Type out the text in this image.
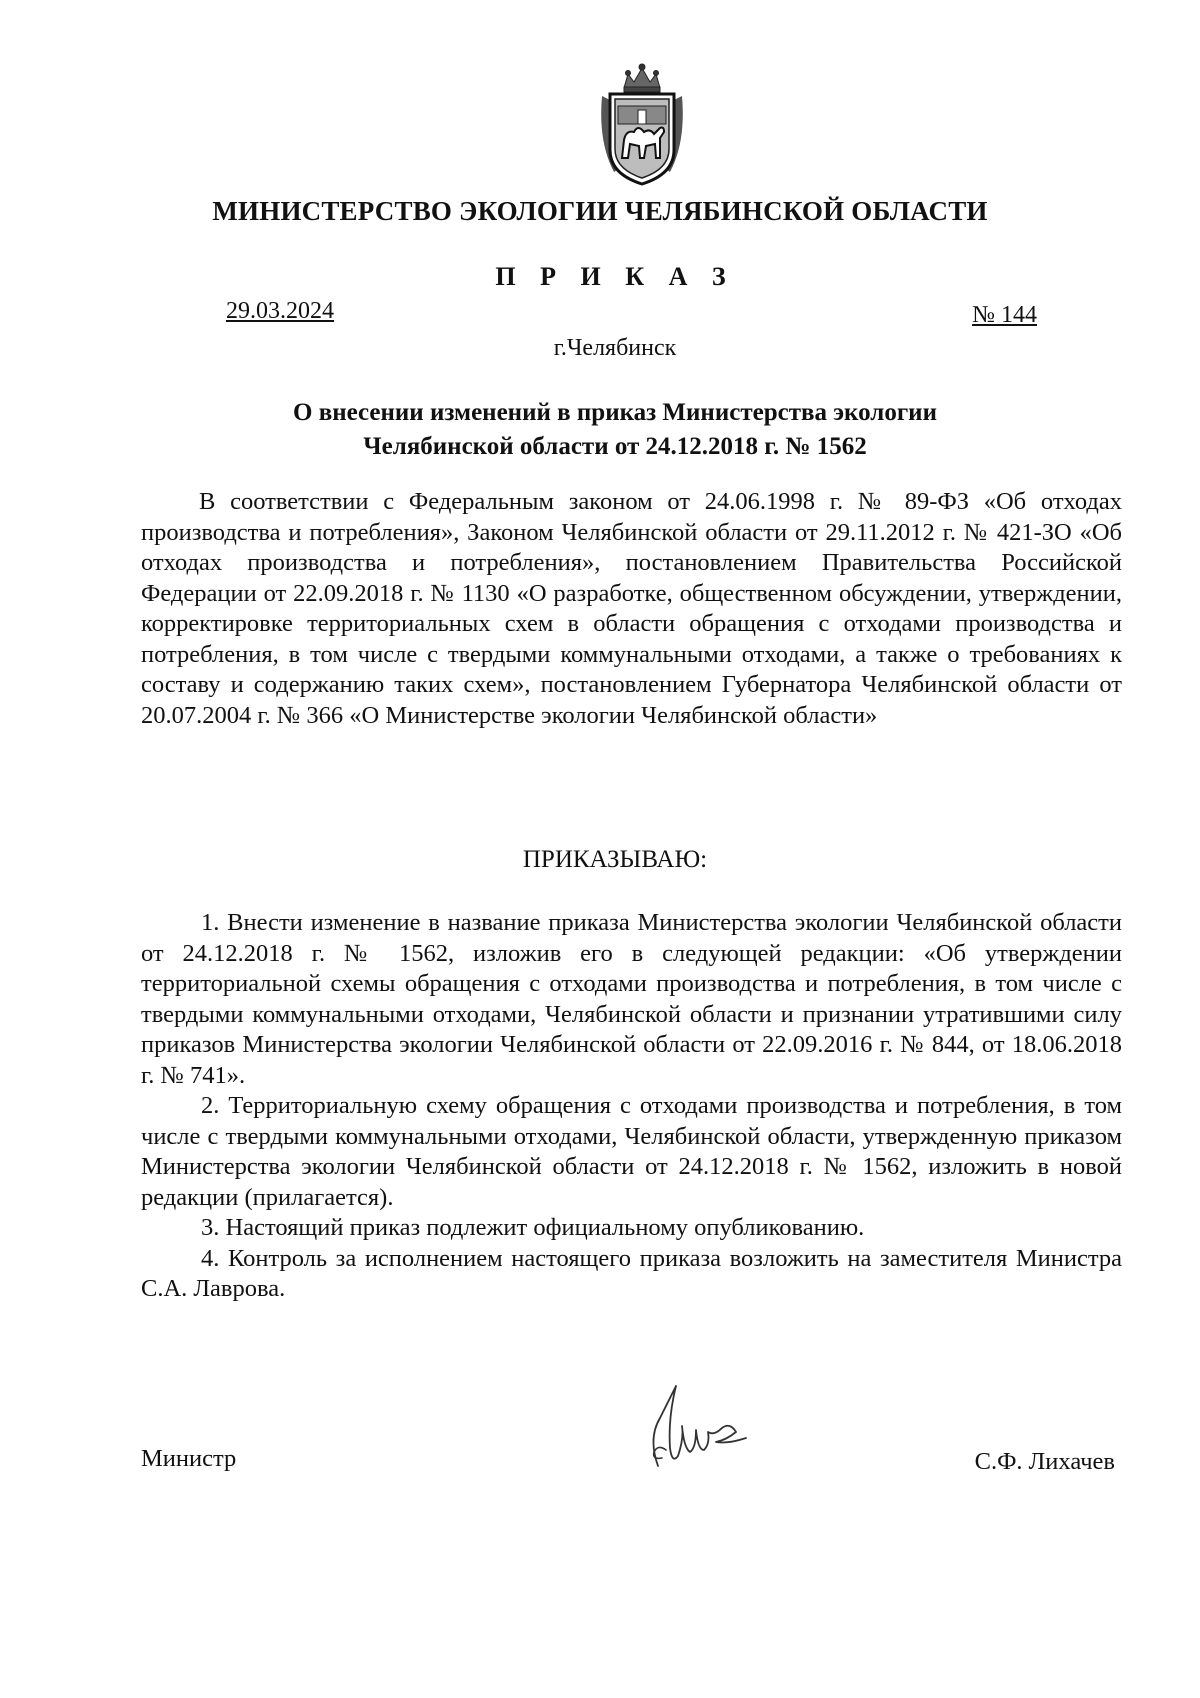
МИНИСТЕРСТВО ЭКОЛОГИИ ЧЕЛЯБИНСКОЙ ОБЛАСТИ
П Р И К А З
29.03.2024	№ 144
г.Челябинск
О внесении изменений в приказ Министерства экологии
Челябинской области от 24.12.2018 г. № 1562

В соответствии с Федеральным законом от 24.06.1998 г. № 89-ФЗ «Об отходах производства и потребления», Законом Челябинской области от 29.11.2012 г. № 421-ЗО «Об отходах производства и потребления», постановлением Правительства Российской Федерации от 22.09.2018 г. № 1130 «О разработке, общественном обсуждении, утверждении, корректировке территориальных схем в области обращения с отходами производства и потребления, в том числе с твердыми коммунальными отходами, а также о требованиях к составу и содержанию таких схем», постановлением Губернатора Челябинской области от 20.07.2004 г. № 366 «О Министерстве экологии Челябинской области»

ПРИКАЗЫВАЮ:

1. Внести изменение в название приказа Министерства экологии Челябинской области от 24.12.2018 г. № 1562, изложив его в следующей редакции: «Об утверждении территориальной схемы обращения с отходами производства и потребления, в том числе с твердыми коммунальными отходами, Челябинской области и признании утратившими силу приказов Министерства экологии Челябинской области от 22.09.2016 г. № 844, от 18.06.2018 г. № 741».

2. Территориальную схему обращения с отходами производства и потребления, в том числе с твердыми коммунальными отходами, Челябинской области, утвержденную приказом Министерства экологии Челябинской области от 24.12.2018 г. № 1562, изложить в новой редакции (прилагается).

3. Настоящий приказ подлежит официальному опубликованию.

4. Контроль за исполнением настоящего приказа возложить на заместителя Министра С.А. Лаврова.

Министр	С.Ф. Лихачев
